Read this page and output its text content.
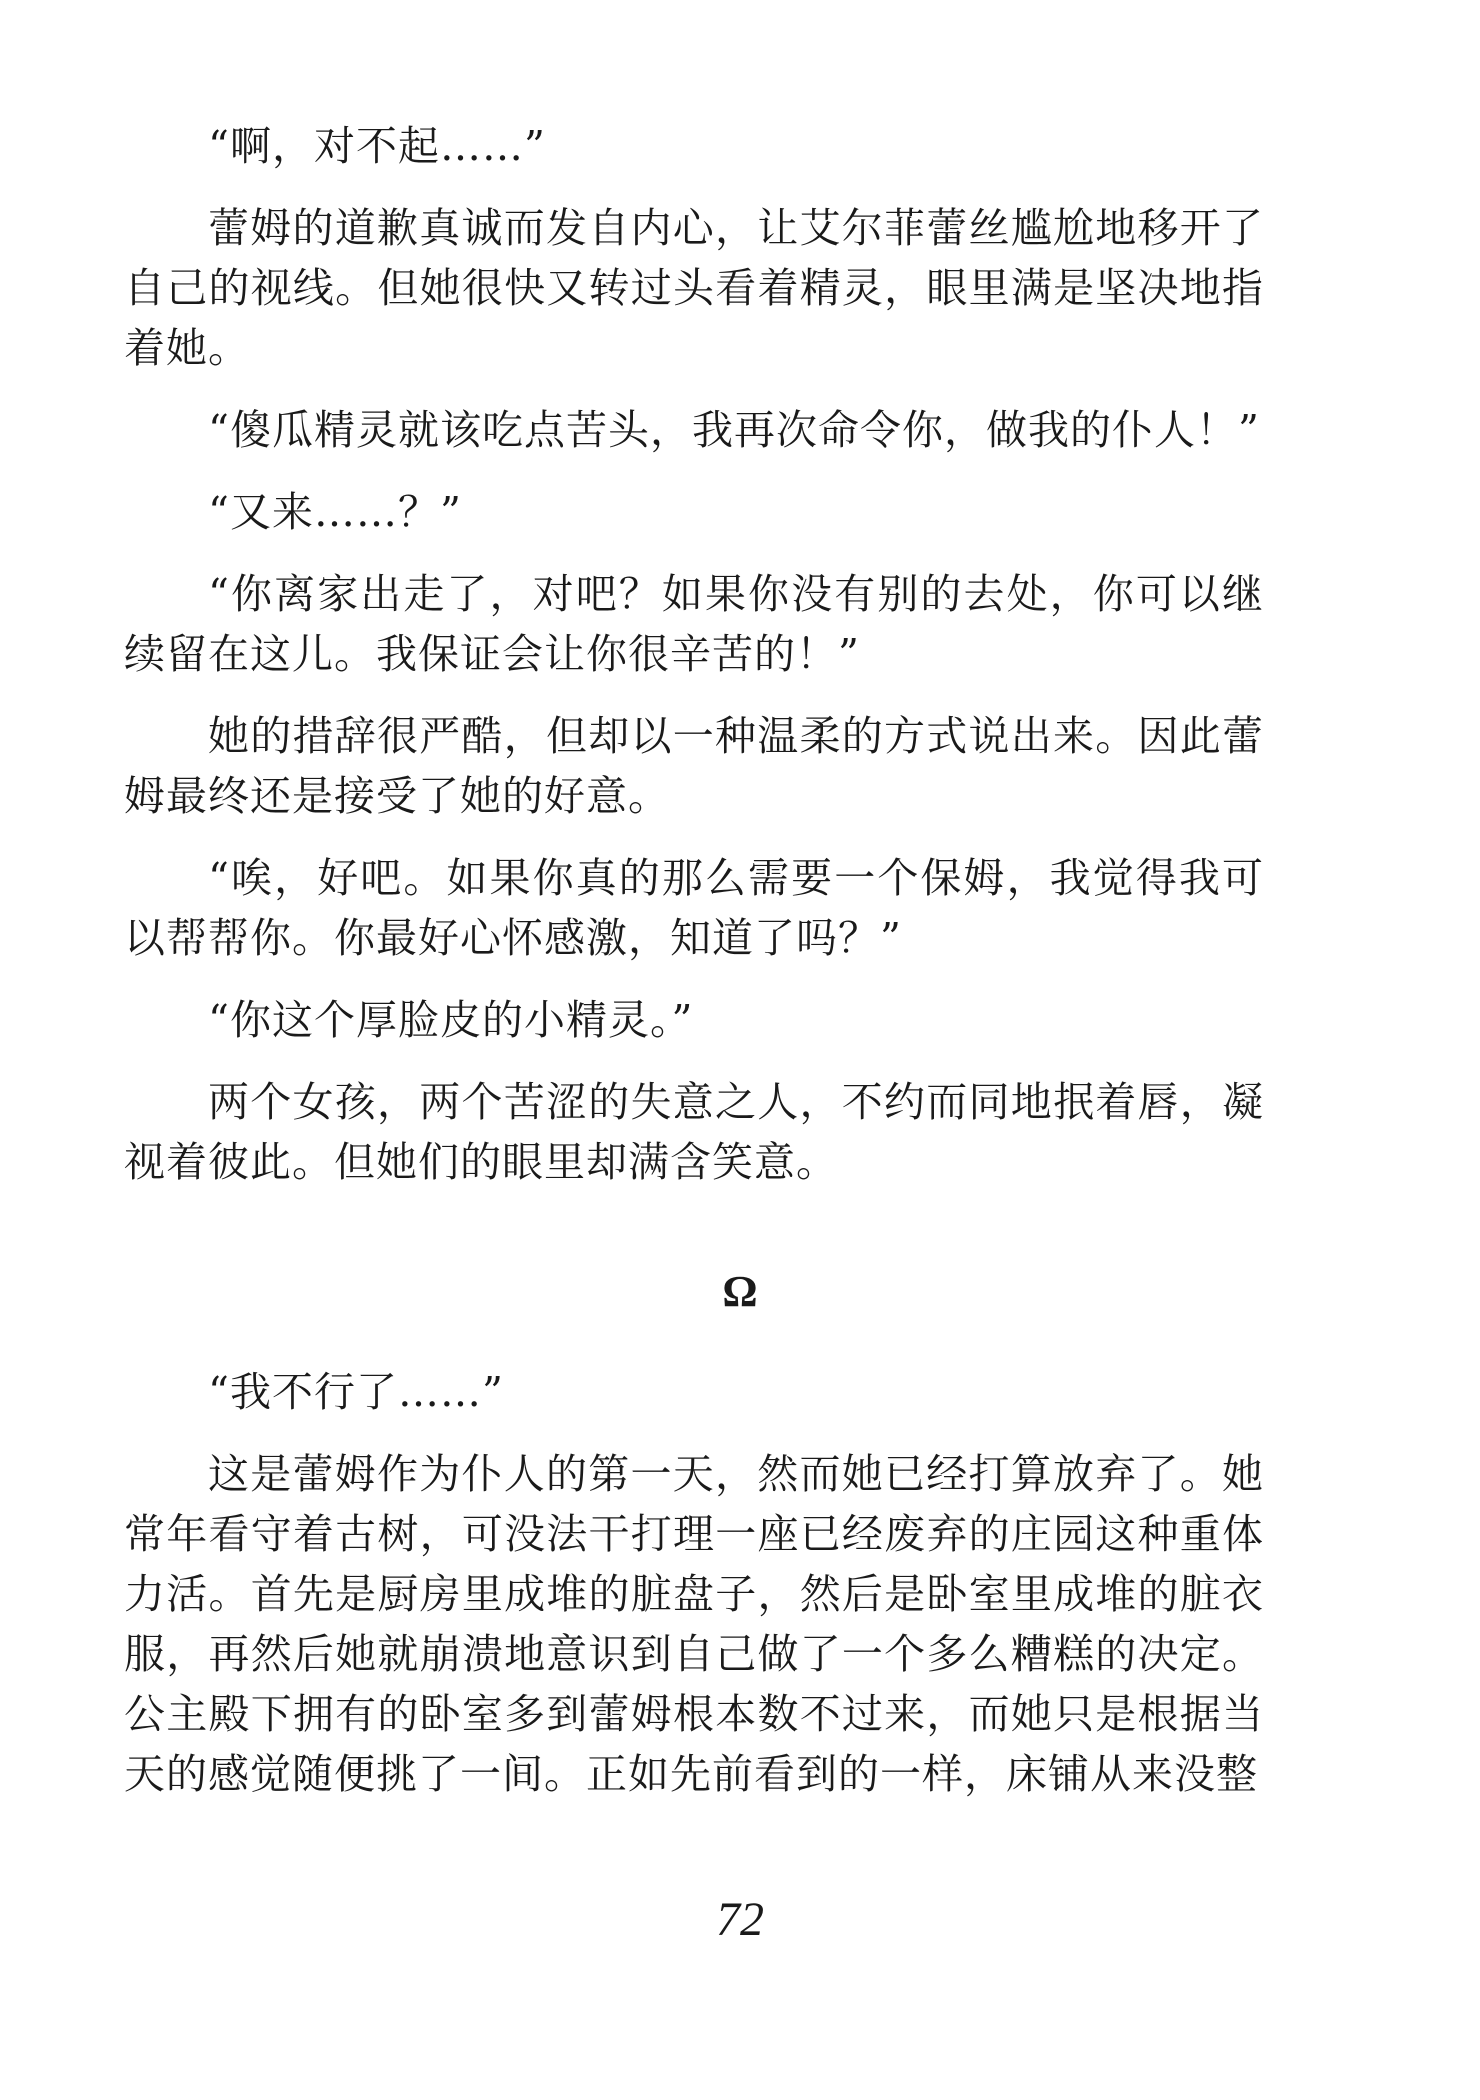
“啊，对不起……”

蕾姆的道歉真诚而发自内心，让艾尔菲蕾丝尴尬地移开了自己的视线。但她很快又转过头看着精灵，眼里满是坚决地指着她。

“傻瓜精灵就该吃点苦头，我再次命令你，做我的仆人！”

“又来……？”

“你离家出走了，对吧？如果你没有别的去处，你可以继续留在这儿。我保证会让你很辛苦的！”

她的措辞很严酷，但却以一种温柔的方式说出来。因此蕾姆最终还是接受了她的好意。

“唉，好吧。如果你真的那么需要一个保姆，我觉得我可以帮帮你。你最好心怀感激，知道了吗？”

“你这个厚脸皮的小精灵。”

两个女孩，两个苦涩的失意之人，不约而同地抿着唇，凝视着彼此。但她们的眼里却满含笑意。

Ω

“我不行了……”

这是蕾姆作为仆人的第一天，然而她已经打算放弃了。她常年看守着古树，可没法干打理一座已经废弃的庄园这种重体力活。首先是厨房里成堆的脏盘子，然后是卧室里成堆的脏衣服，再然后她就崩溃地意识到自己做了一个多么糟糕的决定。公主殿下拥有的卧室多到蕾姆根本数不过来，而她只是根据当天的感觉随便挑了一间。正如先前看到的一样，床铺从来没整

72
